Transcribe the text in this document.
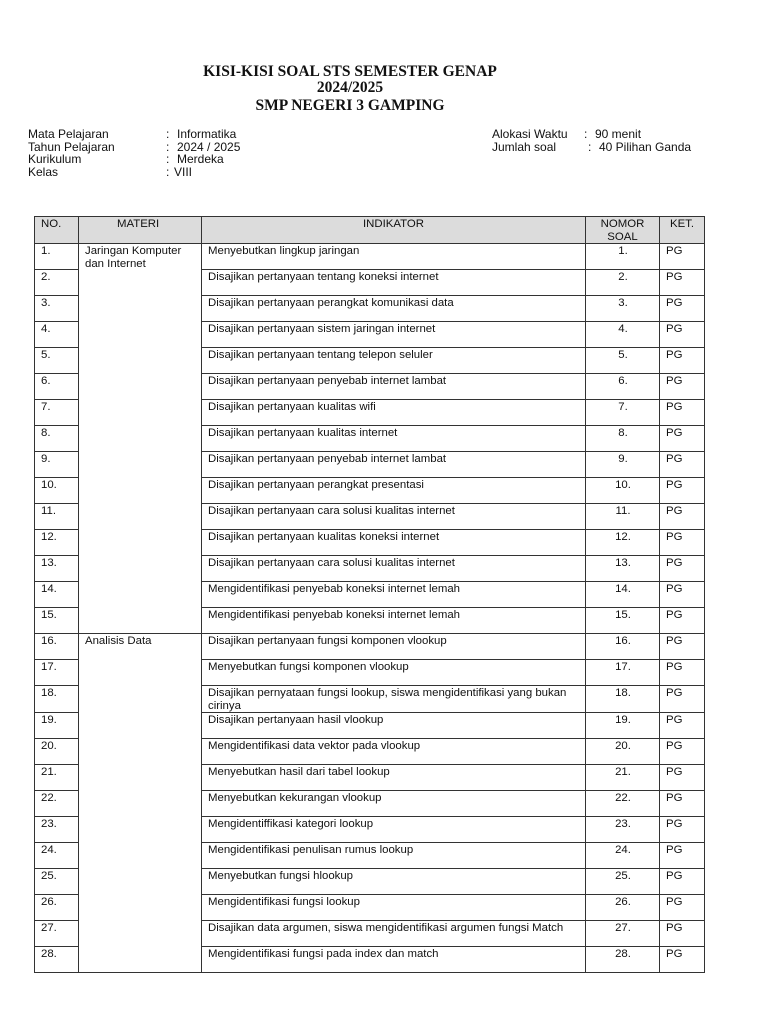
KISI-KISI SOAL STS SEMESTER GENAP
2024/2025
SMP NEGERI 3 GAMPING
Mata Pelajaran	: Informatika
Tahun Pelajaran	: 2024 / 2025
Kurikulum	: Merdeka
Kelas	: VIII
Alokasi Waktu : 90 menit
Jumlah soal	: 40 Pilihan Ganda
NO.	MATERI	INDIKATOR	NOMOR SOAL	KET.
1.	Jaringan Komputer dan Internet	Menyebutkan lingkup jaringan	1.	PG
2.		Disajikan pertanyaan tentang koneksi internet	2.	PG
3.		Disajikan pertanyaan perangkat komunikasi data	3.	PG
4.		Disajikan pertanyaan sistem jaringan internet	4.	PG
5.		Disajikan pertanyaan tentang telepon seluler	5.	PG
6.		Disajikan pertanyaan penyebab internet lambat	6.	PG
7.		Disajikan pertanyaan kualitas wifi	7.	PG
8.		Disajikan pertanyaan kualitas internet	8.	PG
9.		Disajikan pertanyaan penyebab internet lambat	9.	PG
10.		Disajikan pertanyaan perangkat presentasi	10.	PG
11.		Disajikan pertanyaan cara solusi kualitas internet	11.	PG
12.		Disajikan pertanyaan kualitas koneksi internet	12.	PG
13.		Disajikan pertanyaan cara solusi kualitas internet	13.	PG
14.		Mengidentifikasi penyebab koneksi internet lemah	14.	PG
15.		Mengidentifikasi penyebab koneksi internet lemah	15.	PG
16.	Analisis Data	Disajikan pertanyaan fungsi komponen vlookup	16.	PG
17.		Menyebutkan fungsi komponen vlookup	17.	PG
18.		Disajikan pernyataan fungsi lookup, siswa mengidentifikasi yang bukan cirinya	18.	PG
19.		Disajikan pertanyaan hasil vlookup	19.	PG
20.		Mengidentifikasi data vektor pada vlookup	20.	PG
21.		Menyebutkan hasil dari tabel lookup	21.	PG
22.		Menyebutkan kekurangan vlookup	22.	PG
23.		Mengidentiffikasi kategori lookup	23.	PG
24.		Mengidentifikasi penulisan rumus lookup	24.	PG
25.		Menyebutkan fungsi hlookup	25.	PG
26.		Mengidentifikasi fungsi lookup	26.	PG
27.		Disajikan data argumen, siswa mengidentifikasi argumen fungsi Match	27.	PG
28.		Mengidentifikasi fungsi pada index dan match	28.	PG
